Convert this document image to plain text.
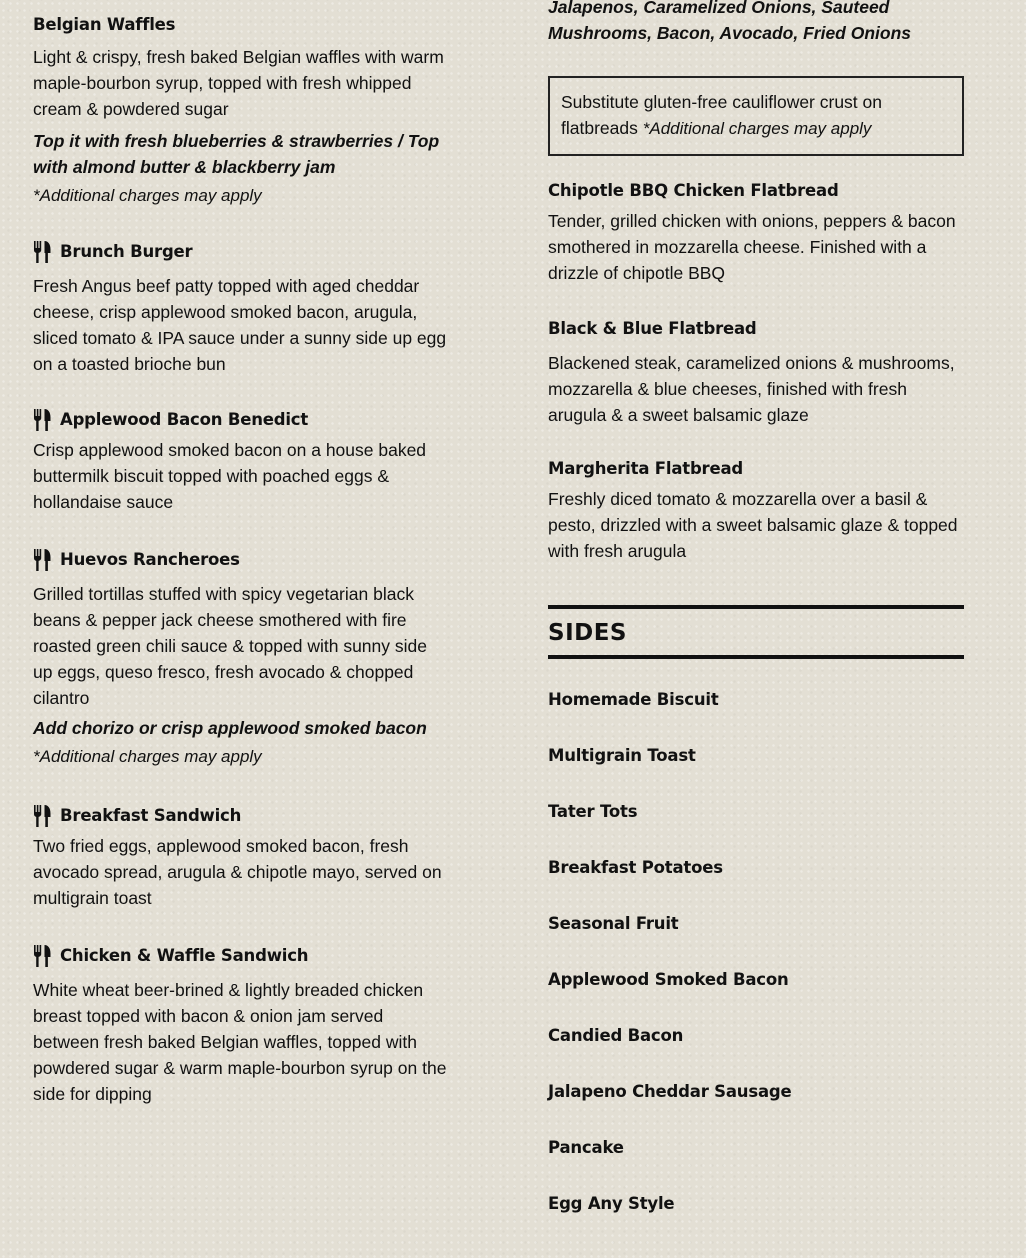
Belgian Waffles

Light & crispy, fresh baked Belgian waffles with warm maple-bourbon syrup, topped with fresh whipped cream & powdered sugar

Top it with fresh blueberries & strawberries / Top with almond butter & blackberry jam

*Additional charges may apply

Brunch Burger

Fresh Angus beef patty topped with aged cheddar cheese, crisp applewood smoked bacon, arugula, sliced tomato & IPA sauce under a sunny side up egg on a toasted brioche bun

Applewood Bacon Benedict

Crisp applewood smoked bacon on a house baked buttermilk biscuit topped with poached eggs & hollandaise sauce

Huevos Rancheroes

Grilled tortillas stuffed with spicy vegetarian black beans & pepper jack cheese smothered with fire roasted green chili sauce & topped with sunny side up eggs, queso fresco, fresh avocado & chopped cilantro

Add chorizo or crisp applewood smoked bacon

*Additional charges may apply

Breakfast Sandwich

Two fried eggs, applewood smoked bacon, fresh avocado spread, arugula & chipotle mayo, served on multigrain toast

Chicken & Waffle Sandwich

White wheat beer-brined & lightly breaded chicken breast topped with bacon & onion jam served between fresh baked Belgian waffles, topped with powdered sugar & warm maple-bourbon syrup on the side for dipping

Jalapenos, Caramelized Onions, Sauteed Mushrooms, Bacon, Avocado, Fried Onions

Substitute gluten-free cauliflower crust on flatbreads *Additional charges may apply
Chipotle BBQ Chicken Flatbread

Tender, grilled chicken with onions, peppers & bacon smothered in mozzarella cheese. Finished with a drizzle of chipotle BBQ

Black & Blue Flatbread

Blackened steak, caramelized onions & mushrooms, mozzarella & blue cheeses, finished with fresh arugula & a sweet balsamic glaze

Margherita Flatbread

Freshly diced tomato & mozzarella over a basil & pesto, drizzled with a sweet balsamic glaze & topped with fresh arugula

SIDES
Homemade Biscuit
Multigrain Toast
Tater Tots
Breakfast Potatoes
Seasonal Fruit
Applewood Smoked Bacon
Candied Bacon
Jalapeno Cheddar Sausage
Pancake
Egg Any Style
